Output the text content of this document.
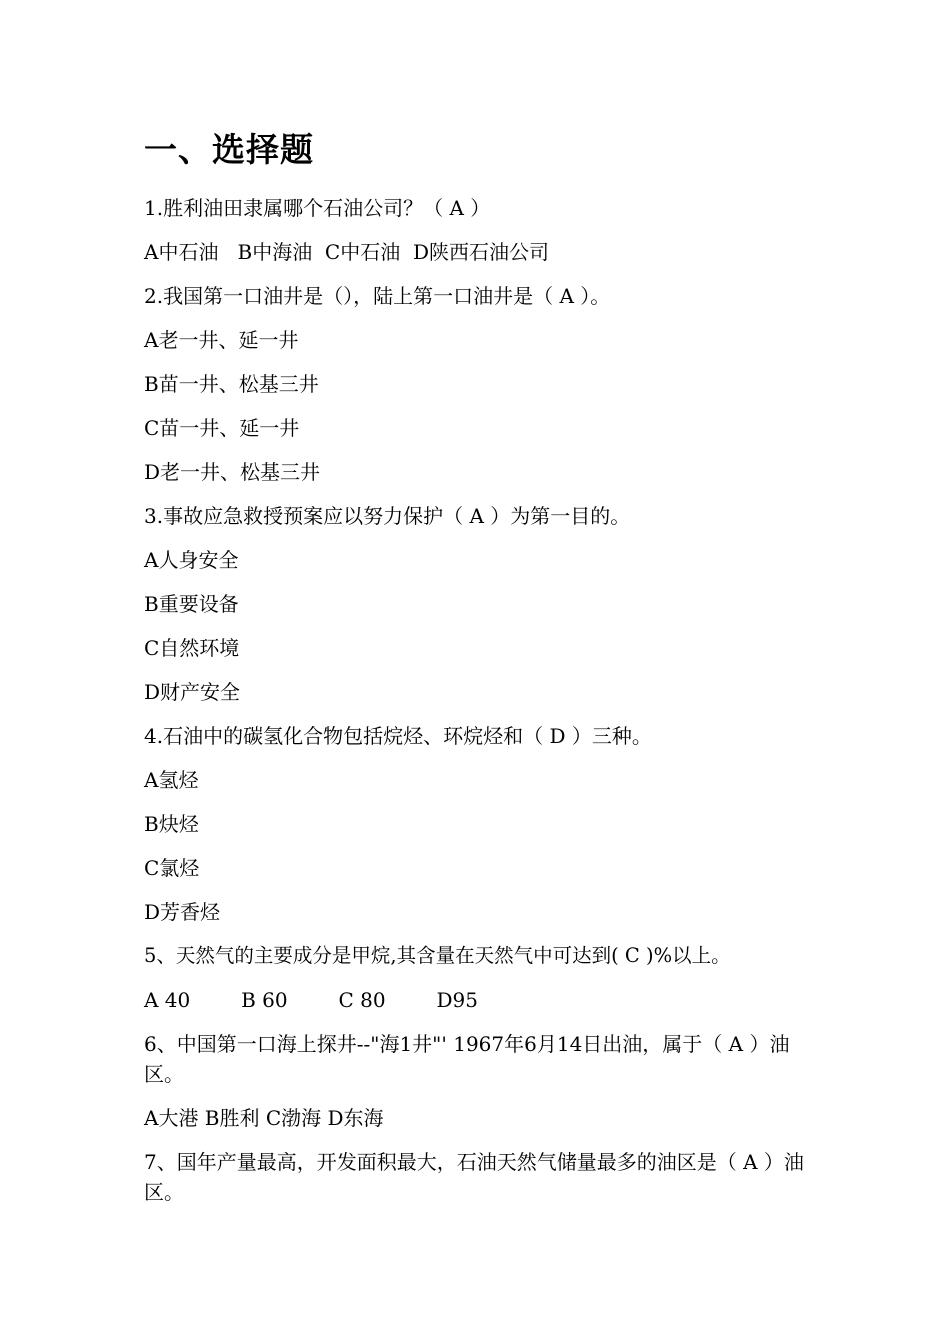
一、选择题

1.胜利油田隶属哪个石油公司？（ A ）

A中石油   B中海油  C中石油  D陕西石油公司

2.我国第一口油井是（），陆上第一口油井是（ A ）。

A老一井、延一井

B苗一井、松基三井

C苗一井、延一井

D老一井、松基三井

3.事故应急救授预案应以努力保护（ A ）为第一目的。

A人身安全

B重要设备

C自然环境

D财产安全

4.石油中的碳氢化合物包括烷烃、环烷烃和（ D ）三种。

A氢烃

B炔烃

C氯烃

D芳香烃

5、天然气的主要成分是甲烷,其含量在天然气中可达到( C )%以上。

A 40        B 60        C 80        D95

6、中国第一口海上探井--"海1井"' 1967年6月14日出油，属于（ A ）油区。

A大港 B胜利 C渤海 D东海

7、国年产量最高，开发面积最大，石油天然气储量最多的油区是（ A ）油区。
